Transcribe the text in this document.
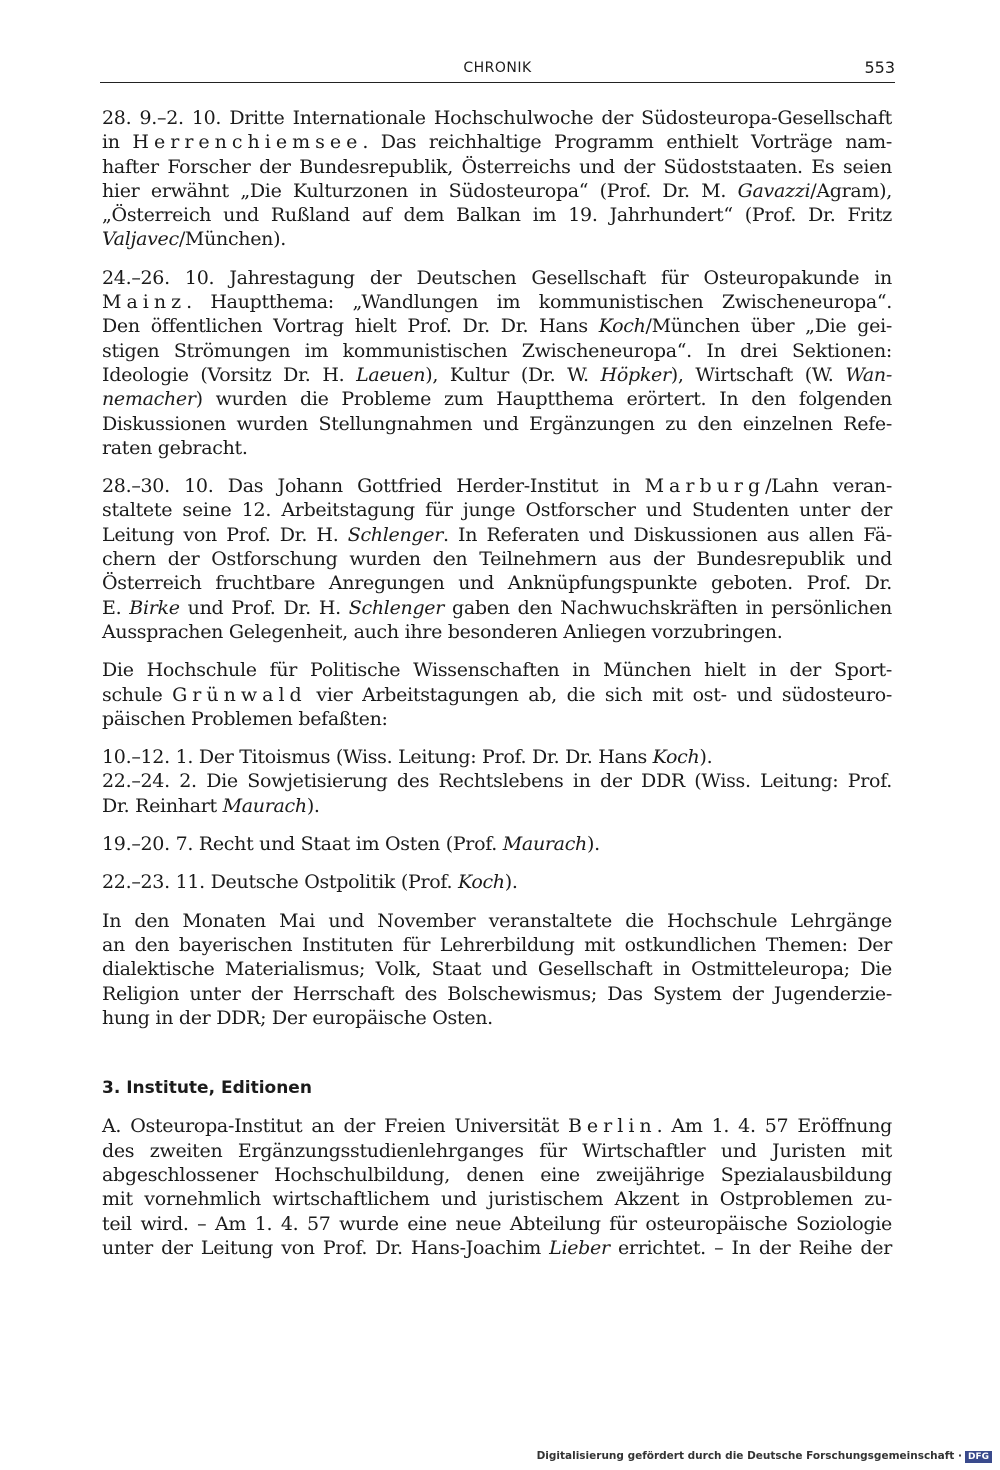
CHRONIK	553
28. 9.–2. 10. Dritte Internationale Hochschulwoche der Südosteuropa-Gesellschaft
in Herrenchiemsee. Das reichhaltige Programm enthielt Vorträge nam-
hafter Forscher der Bundesrepublik, Österreichs und der Südoststaaten. Es seien
hier erwähnt „Die Kulturzonen in Südosteuropa“ (Prof. Dr. M. Gavazzi/Agram),
„Österreich und Rußland auf dem Balkan im 19. Jahrhundert“ (Prof. Dr. Fritz
Valjavec/München).
24.–26. 10. Jahrestagung der Deutschen Gesellschaft für Osteuropakunde in
Mainz. Hauptthema: „Wandlungen im kommunistischen Zwischeneuropa“.
Den öffentlichen Vortrag hielt Prof. Dr. Dr. Hans Koch/München über „Die gei-
stigen Strömungen im kommunistischen Zwischeneuropa“. In drei Sektionen:
Ideologie (Vorsitz Dr. H. Laeuen), Kultur (Dr. W. Höpker), Wirtschaft (W. Wan-
nemacher) wurden die Probleme zum Hauptthema erörtert. In den folgenden
Diskussionen wurden Stellungnahmen und Ergänzungen zu den einzelnen Refe-
raten gebracht.
28.–30. 10. Das Johann Gottfried Herder-Institut in Marburg/Lahn veran-
staltete seine 12. Arbeitstagung für junge Ostforscher und Studenten unter der
Leitung von Prof. Dr. H. Schlenger. In Referaten und Diskussionen aus allen Fä-
chern der Ostforschung wurden den Teilnehmern aus der Bundesrepublik und
Österreich fruchtbare Anregungen und Anknüpfungspunkte geboten. Prof. Dr.
E. Birke und Prof. Dr. H. Schlenger gaben den Nachwuchskräften in persönlichen
Aussprachen Gelegenheit, auch ihre besonderen Anliegen vorzubringen.
Die Hochschule für Politische Wissenschaften in München hielt in der Sport-
schule Grünwald vier Arbeitstagungen ab, die sich mit ost- und südosteuro-
päischen Problemen befaßten:
10.–12. 1. Der Titoismus (Wiss. Leitung: Prof. Dr. Dr. Hans Koch).
22.–24. 2. Die Sowjetisierung des Rechtslebens in der DDR (Wiss. Leitung: Prof.
Dr. Reinhart Maurach).
19.–20. 7. Recht und Staat im Osten (Prof. Maurach).
22.–23. 11. Deutsche Ostpolitik (Prof. Koch).
In den Monaten Mai und November veranstaltete die Hochschule Lehrgänge
an den bayerischen Instituten für Lehrerbildung mit ostkundlichen Themen: Der
dialektische Materialismus; Volk, Staat und Gesellschaft in Ostmitteleuropa; Die
Religion unter der Herrschaft des Bolschewismus; Das System der Jugenderzie-
hung in der DDR; Der europäische Osten.
3. Institute, Editionen
A. Osteuropa-Institut an der Freien Universität Berlin. Am 1. 4. 57 Eröffnung
des zweiten Ergänzungsstudienlehrganges für Wirtschaftler und Juristen mit
abgeschlossener Hochschulbildung, denen eine zweijährige Spezialausbildung
mit vornehmlich wirtschaftlichem und juristischem Akzent in Ostproblemen zu-
teil wird. – Am 1. 4. 57 wurde eine neue Abteilung für osteuropäische Soziologie
unter der Leitung von Prof. Dr. Hans-Joachim Lieber errichtet. – In der Reihe der
Digitalisierung gefördert durch die Deutsche Forschungsgemeinschaft · DFG
